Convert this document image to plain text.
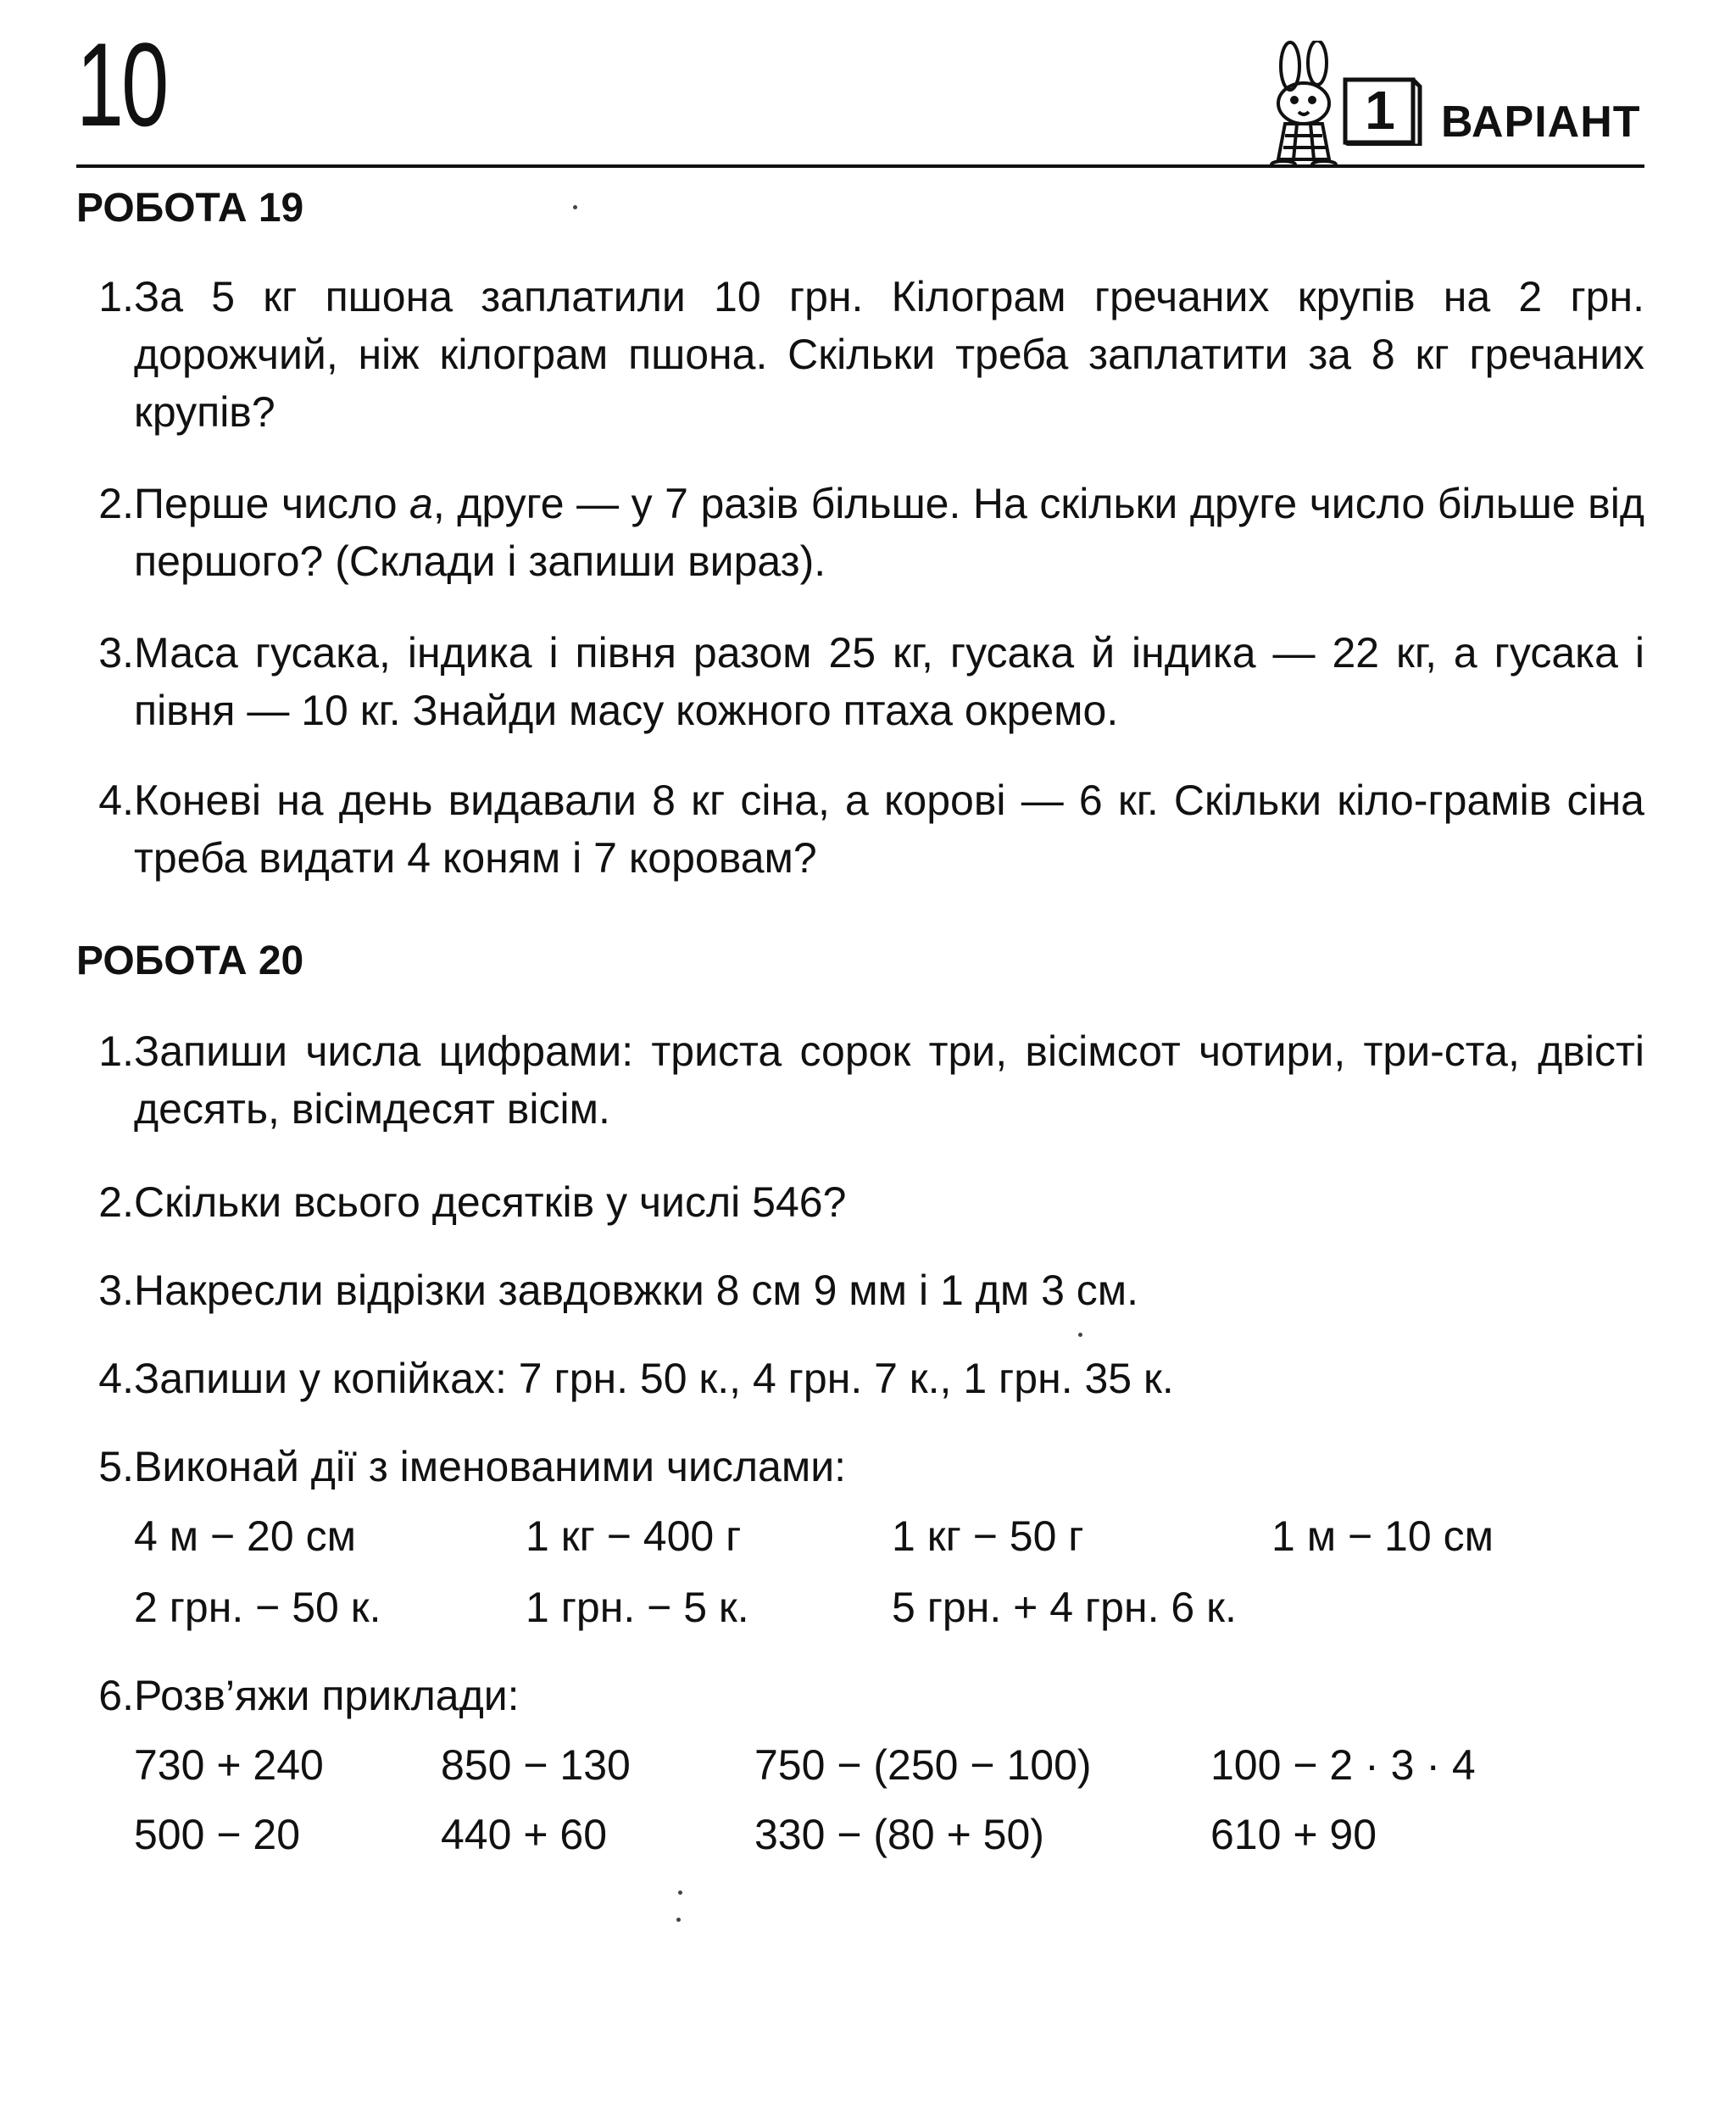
10	1 ВАРІАНТ
РОБОТА 19
1. За 5 кг пшона заплатили 10 грн. Кілограм гречаних крупів на 2 грн. дорожчий, ніж кілограм пшона. Скільки треба заплатити за 8 кг гречаних крупів?
2. Перше число a, друге — у 7 разів більше. На скільки друге число більше від першого? (Склади і запиши вираз).
3. Маса гусака, індика і півня разом 25 кг, гусака й індика — 22 кг, а гусака і півня — 10 кг. Знайди масу кожного птаха окремо.
4. Коневі на день видавали 8 кг сіна, а корові — 6 кг. Скільки кіло-грамів сіна треба видати 4 коням і 7 коровам?
РОБОТА 20
1. Запиши числа цифрами: триста сорок три, вісімсот чотири, три-ста, двісті десять, вісімдесят вісім.
2. Скільки всього десятків у числі 546?
3. Накресли відрізки завдовжки 8 см 9 мм і 1 дм 3 см.
4. Запиши у копійках: 7 грн. 50 к., 4 грн. 7 к., 1 грн. 35 к.
5. Виконай дії з іменованими числами:
4 м − 20 см	1 кг − 400 г	1 кг − 50 г	1 м − 10 см
2 грн. − 50 к.	1 грн. − 5 к.	5 грн. + 4 грн. 6 к.
6. Розв’яжи приклади:
730 + 240	850 − 130	750 − (250 − 100)	100 − 2 · 3 · 4
500 − 20	440 + 60	330 − (80 + 50)	610 + 90
